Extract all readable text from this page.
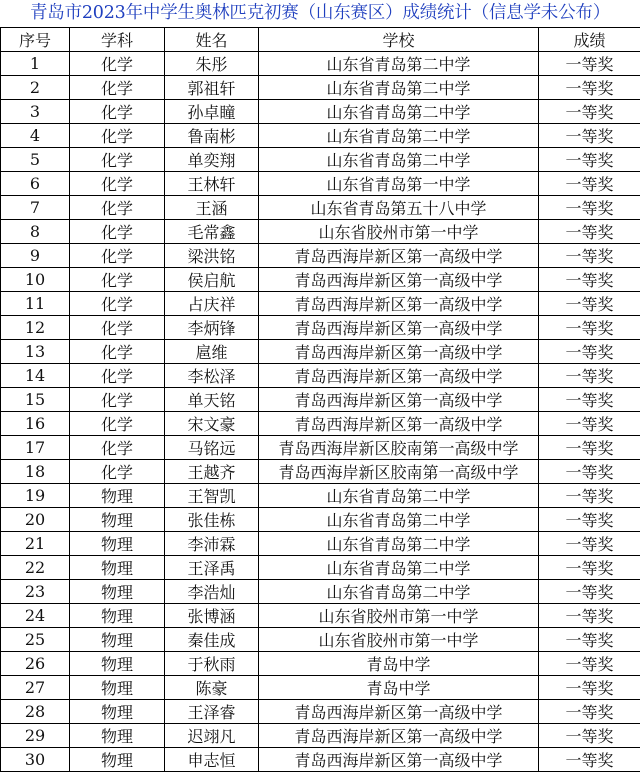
青岛市2023年中学生奥林匹克初赛（山东赛区）成绩统计（信息学未公布）
序号	学科	姓名	学校	成绩
1	化学	朱彤	山东省青岛第二中学	一等奖
2	化学	郭祖轩	山东省青岛第二中学	一等奖
3	化学	孙卓瞳	山东省青岛第二中学	一等奖
4	化学	鲁南彬	山东省青岛第二中学	一等奖
5	化学	单奕翔	山东省青岛第二中学	一等奖
6	化学	王林轩	山东省青岛第一中学	一等奖
7	化学	王涵	山东省青岛第五十八中学	一等奖
8	化学	毛常鑫	山东省胶州市第一中学	一等奖
9	化学	梁洪铭	青岛西海岸新区第一高级中学	一等奖
10	化学	侯启航	青岛西海岸新区第一高级中学	一等奖
11	化学	占庆祥	青岛西海岸新区第一高级中学	一等奖
12	化学	李炳锋	青岛西海岸新区第一高级中学	一等奖
13	化学	扈维	青岛西海岸新区第一高级中学	一等奖
14	化学	李松泽	青岛西海岸新区第一高级中学	一等奖
15	化学	单天铭	青岛西海岸新区第一高级中学	一等奖
16	化学	宋文豪	青岛西海岸新区第一高级中学	一等奖
17	化学	马铭远	青岛西海岸新区胶南第一高级中学	一等奖
18	化学	王越齐	青岛西海岸新区胶南第一高级中学	一等奖
19	物理	王智凯	山东省青岛第二中学	一等奖
20	物理	张佳栋	山东省青岛第二中学	一等奖
21	物理	李沛霖	山东省青岛第二中学	一等奖
22	物理	王泽禹	山东省青岛第二中学	一等奖
23	物理	李浩灿	山东省青岛第二中学	一等奖
24	物理	张博涵	山东省胶州市第一中学	一等奖
25	物理	秦佳成	山东省胶州市第一中学	一等奖
26	物理	于秋雨	青岛中学	一等奖
27	物理	陈豪	青岛中学	一等奖
28	物理	王泽睿	青岛西海岸新区第一高级中学	一等奖
29	物理	迟翊凡	青岛西海岸新区第一高级中学	一等奖
30	物理	申志恒	青岛西海岸新区第一高级中学	一等奖
